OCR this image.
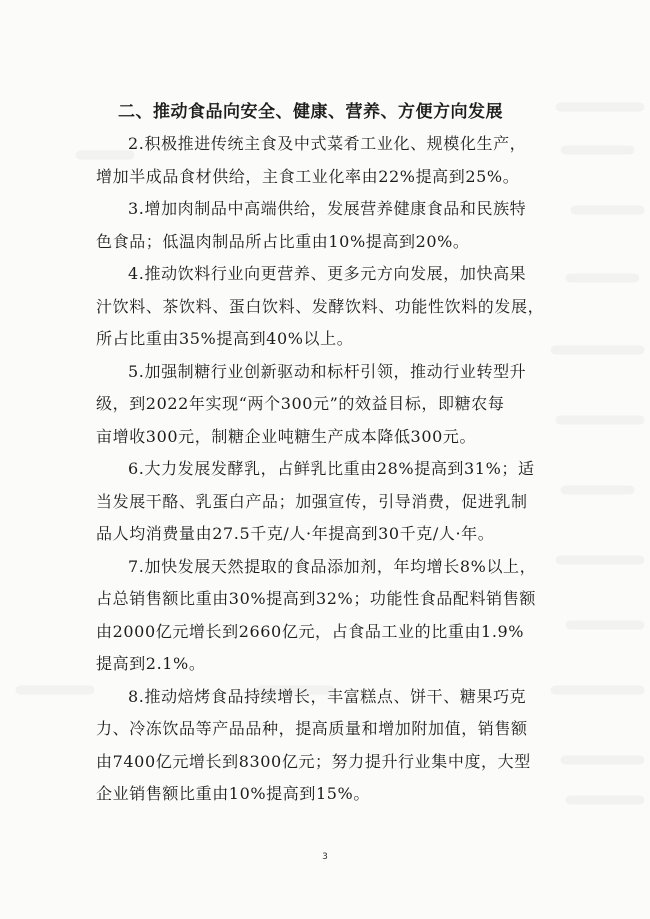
二、推动食品向安全、健康、营养、方便方向发展

2.积极推进传统主食及中式菜肴工业化、规模化生产，
增加半成品食材供给，主食工业化率由22%提高到25%。

3.增加肉制品中高端供给，发展营养健康食品和民族特
色食品；低温肉制品所占比重由10%提高到20%。

4.推动饮料行业向更营养、更多元方向发展，加快高果
汁饮料、茶饮料、蛋白饮料、发酵饮料、功能性饮料的发展，
所占比重由35%提高到40%以上。

5.加强制糖行业创新驱动和标杆引领，推动行业转型升
级，到2022年实现“两个300元”的效益目标，即糖农每
亩增收300元，制糖企业吨糖生产成本降低300元。

6.大力发展发酵乳，占鲜乳比重由28%提高到31%；适
当发展干酪、乳蛋白产品；加强宣传，引导消费，促进乳制
品人均消费量由27.5千克/人·年提高到30千克/人·年。

7.加快发展天然提取的食品添加剂，年均增长8%以上，
占总销售额比重由30%提高到32%；功能性食品配料销售额
由2000亿元增长到2660亿元，占食品工业的比重由1.9%
提高到2.1%。

8.推动焙烤食品持续增长，丰富糕点、饼干、糖果巧克
力、冷冻饮品等产品品种，提高质量和增加附加值，销售额
由7400亿元增长到8300亿元；努力提升行业集中度，大型
企业销售额比重由10%提高到15%。

3
